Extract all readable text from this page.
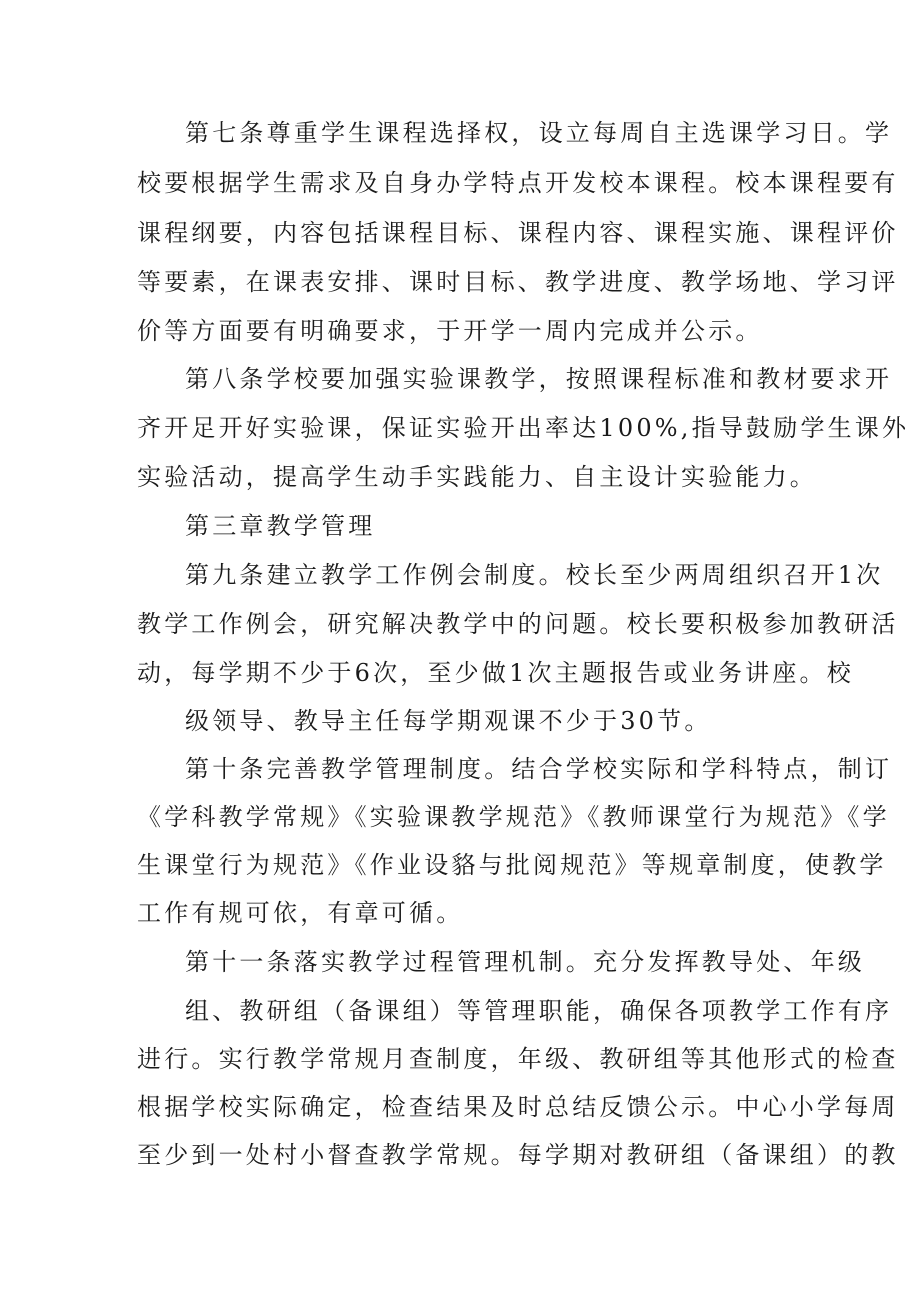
第七条尊重学生课程选择权，设立每周自主选课学习日。学
校要根据学生需求及自身办学特点开发校本课程。校本课程要有
课程纲要，内容包括课程目标、课程内容、课程实施、课程评价
等要素，在课表安排、课时目标、教学进度、教学场地、学习评
价等方面要有明确要求，于开学一周内完成并公示。
第八条学校要加强实验课教学，按照课程标准和教材要求开
齐开足开好实验课，保证实验开出率达100%,指导鼓励学生课外
实验活动，提高学生动手实践能力、自主设计实验能力。
第三章教学管理
第九条建立教学工作例会制度。校长至少两周组织召开1次
教学工作例会，研究解决教学中的问题。校长要积极参加教研活
动，每学期不少于6次，至少做1次主题报告或业务讲座。校
级领导、教导主任每学期观课不少于30节。
第十条完善教学管理制度。结合学校实际和学科特点，制订
《学科教学常规》《实验课教学规范》《教师课堂行为规范》《学
生课堂行为规范》《作业设貉与批阅规范》等规章制度，使教学
工作有规可依，有章可循。
第十一条落实教学过程管理机制。充分发挥教导处、年级
组、教研组（备课组）等管理职能，确保各项教学工作有序
进行。实行教学常规月查制度，年级、教研组等其他形式的检查
根据学校实际确定，检查结果及时总结反馈公示。中心小学每周
至少到一处村小督查教学常规。每学期对教研组（备课组）的教
